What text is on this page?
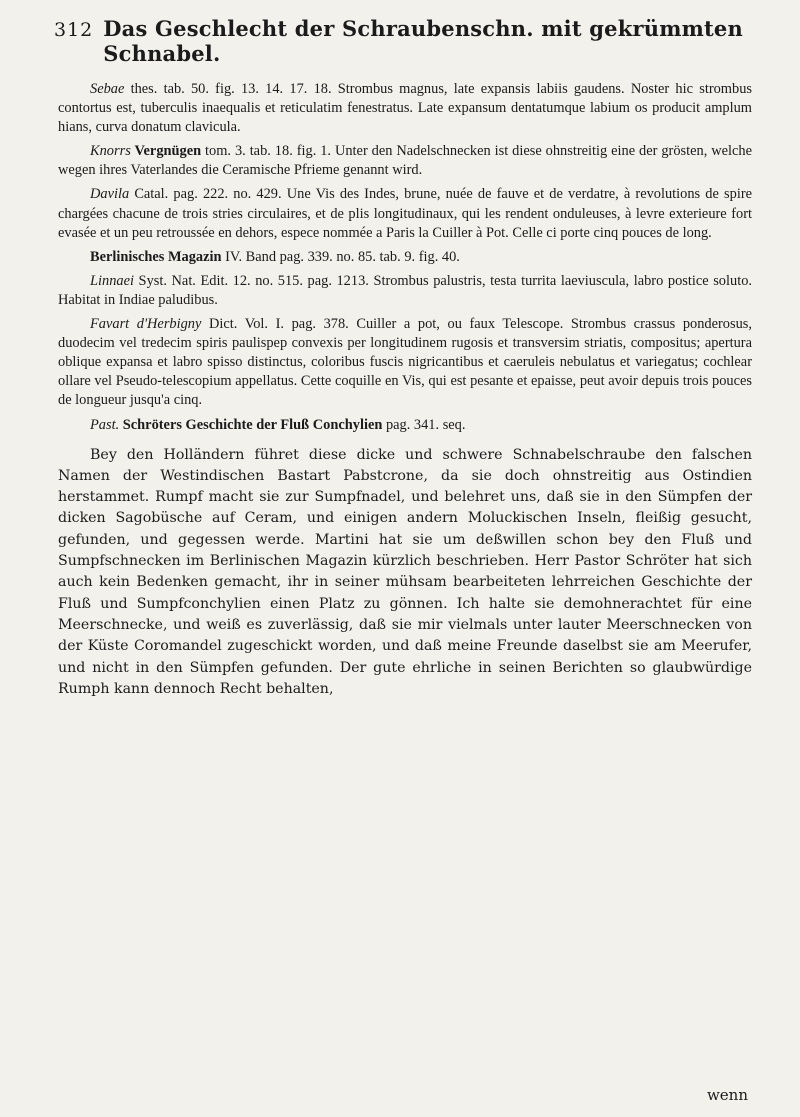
312 Das Geschlecht der Schraubenschn. mit gekrümmten Schnabel.

Sebae thes. tab. 50. fig. 13. 14. 17. 18. Strombus magnus, late expansis labiis gaudens. Noster hic strombus contortus est, tuberculis inaequalis et reticulatim fenestratus. Late expansum dentatumque labium os producit amplum hians, curva donatum clavicula.

Knorrs Vergnügen tom. 3. tab. 18. fig. 1. Unter den Nadelschnecken ist diese ohnstreitig eine der grösten, welche wegen ihres Vaterlandes die Ceramische Pfrieme genannt wird.

Davila Catal. pag. 222. no. 429. Une Vis des Indes, brune, nuée de fauve et de verdatre, à revolutions de spire chargées chacune de trois stries circulaires, et de plis longitudinaux, qui les rendent onduleuses, à levre exterieure fort evasée et un peu retroussée en dehors, espece nommée a Paris la Cuiller à Pot. Celle ci porte cinq pouces de long.

Berlinisches Magazin IV. Band pag. 339. no. 85. tab. 9. fig. 40.

Linnaei Syst. Nat. Edit. 12. no. 515. pag. 1213. Strombus palustris, testa turrita laeviuscula, labro postice soluto. Habitat in Indiae paludibus.

Favart d'Herbigny Dict. Vol. I. pag. 378. Cuiller a pot, ou faux Telescope. Strombus crassus ponderosus, duodecim vel tredecim spiris paulispер convexis per longitudinem rugosis et transversim striatis, compositus; apertura oblique expansa et labro spisso distinctus, coloribus fuscis nigricantibus et caeruleis nebulatus et variegatus; cochlear ollare vel Pseudo-telescopium appellatus. Cette coquille en Vis, qui est pesante et epaisse, peut avoir depuis trois pouces de longueur jusqu'a cinq.

Past. Schröters Geschichte der Fluß Conchylien pag. 341. seq.

Bey den Holländern führet diese dicke und schwere Schnabelschraube den falschen Namen der Westindischen Bastart Pabstcrone, da sie doch ohnstreitig aus Ostindien herstammet. Rumpf macht sie zur Sumpfnadel, und belehret uns, daß sie in den Sümpfen der dicken Sagobüsche auf Ceram, und einigen andern Moluckischen Inseln, fleißig gesucht, gefunden, und gegessen werde. Martini hat sie um deßwillen schon bey den Fluß und Sumpfschnecken im Berlinischen Magazin kürzlich beschrieben. Herr Pastor Schröter hat sich auch kein Bedenken gemacht, ihr in seiner mühsam bearbeiteten lehrreichen Geschichte der Fluß und Sumpfconchylien einen Platz zu gönnen. Ich halte sie demohnerachtet für eine Meerschnecke, und weiß es zuverlässig, daß sie mir vielmals unter lauter Meerschnecken von der Küste Coromandel zugeschickt worden, und daß meine Freunde daselbst sie am Meerufer, und nicht in den Sümpfen gefunden. Der gute ehrliche in seinen Berichten so glaubwürdige Rumph kann dennoch Recht behalten,

wenn
